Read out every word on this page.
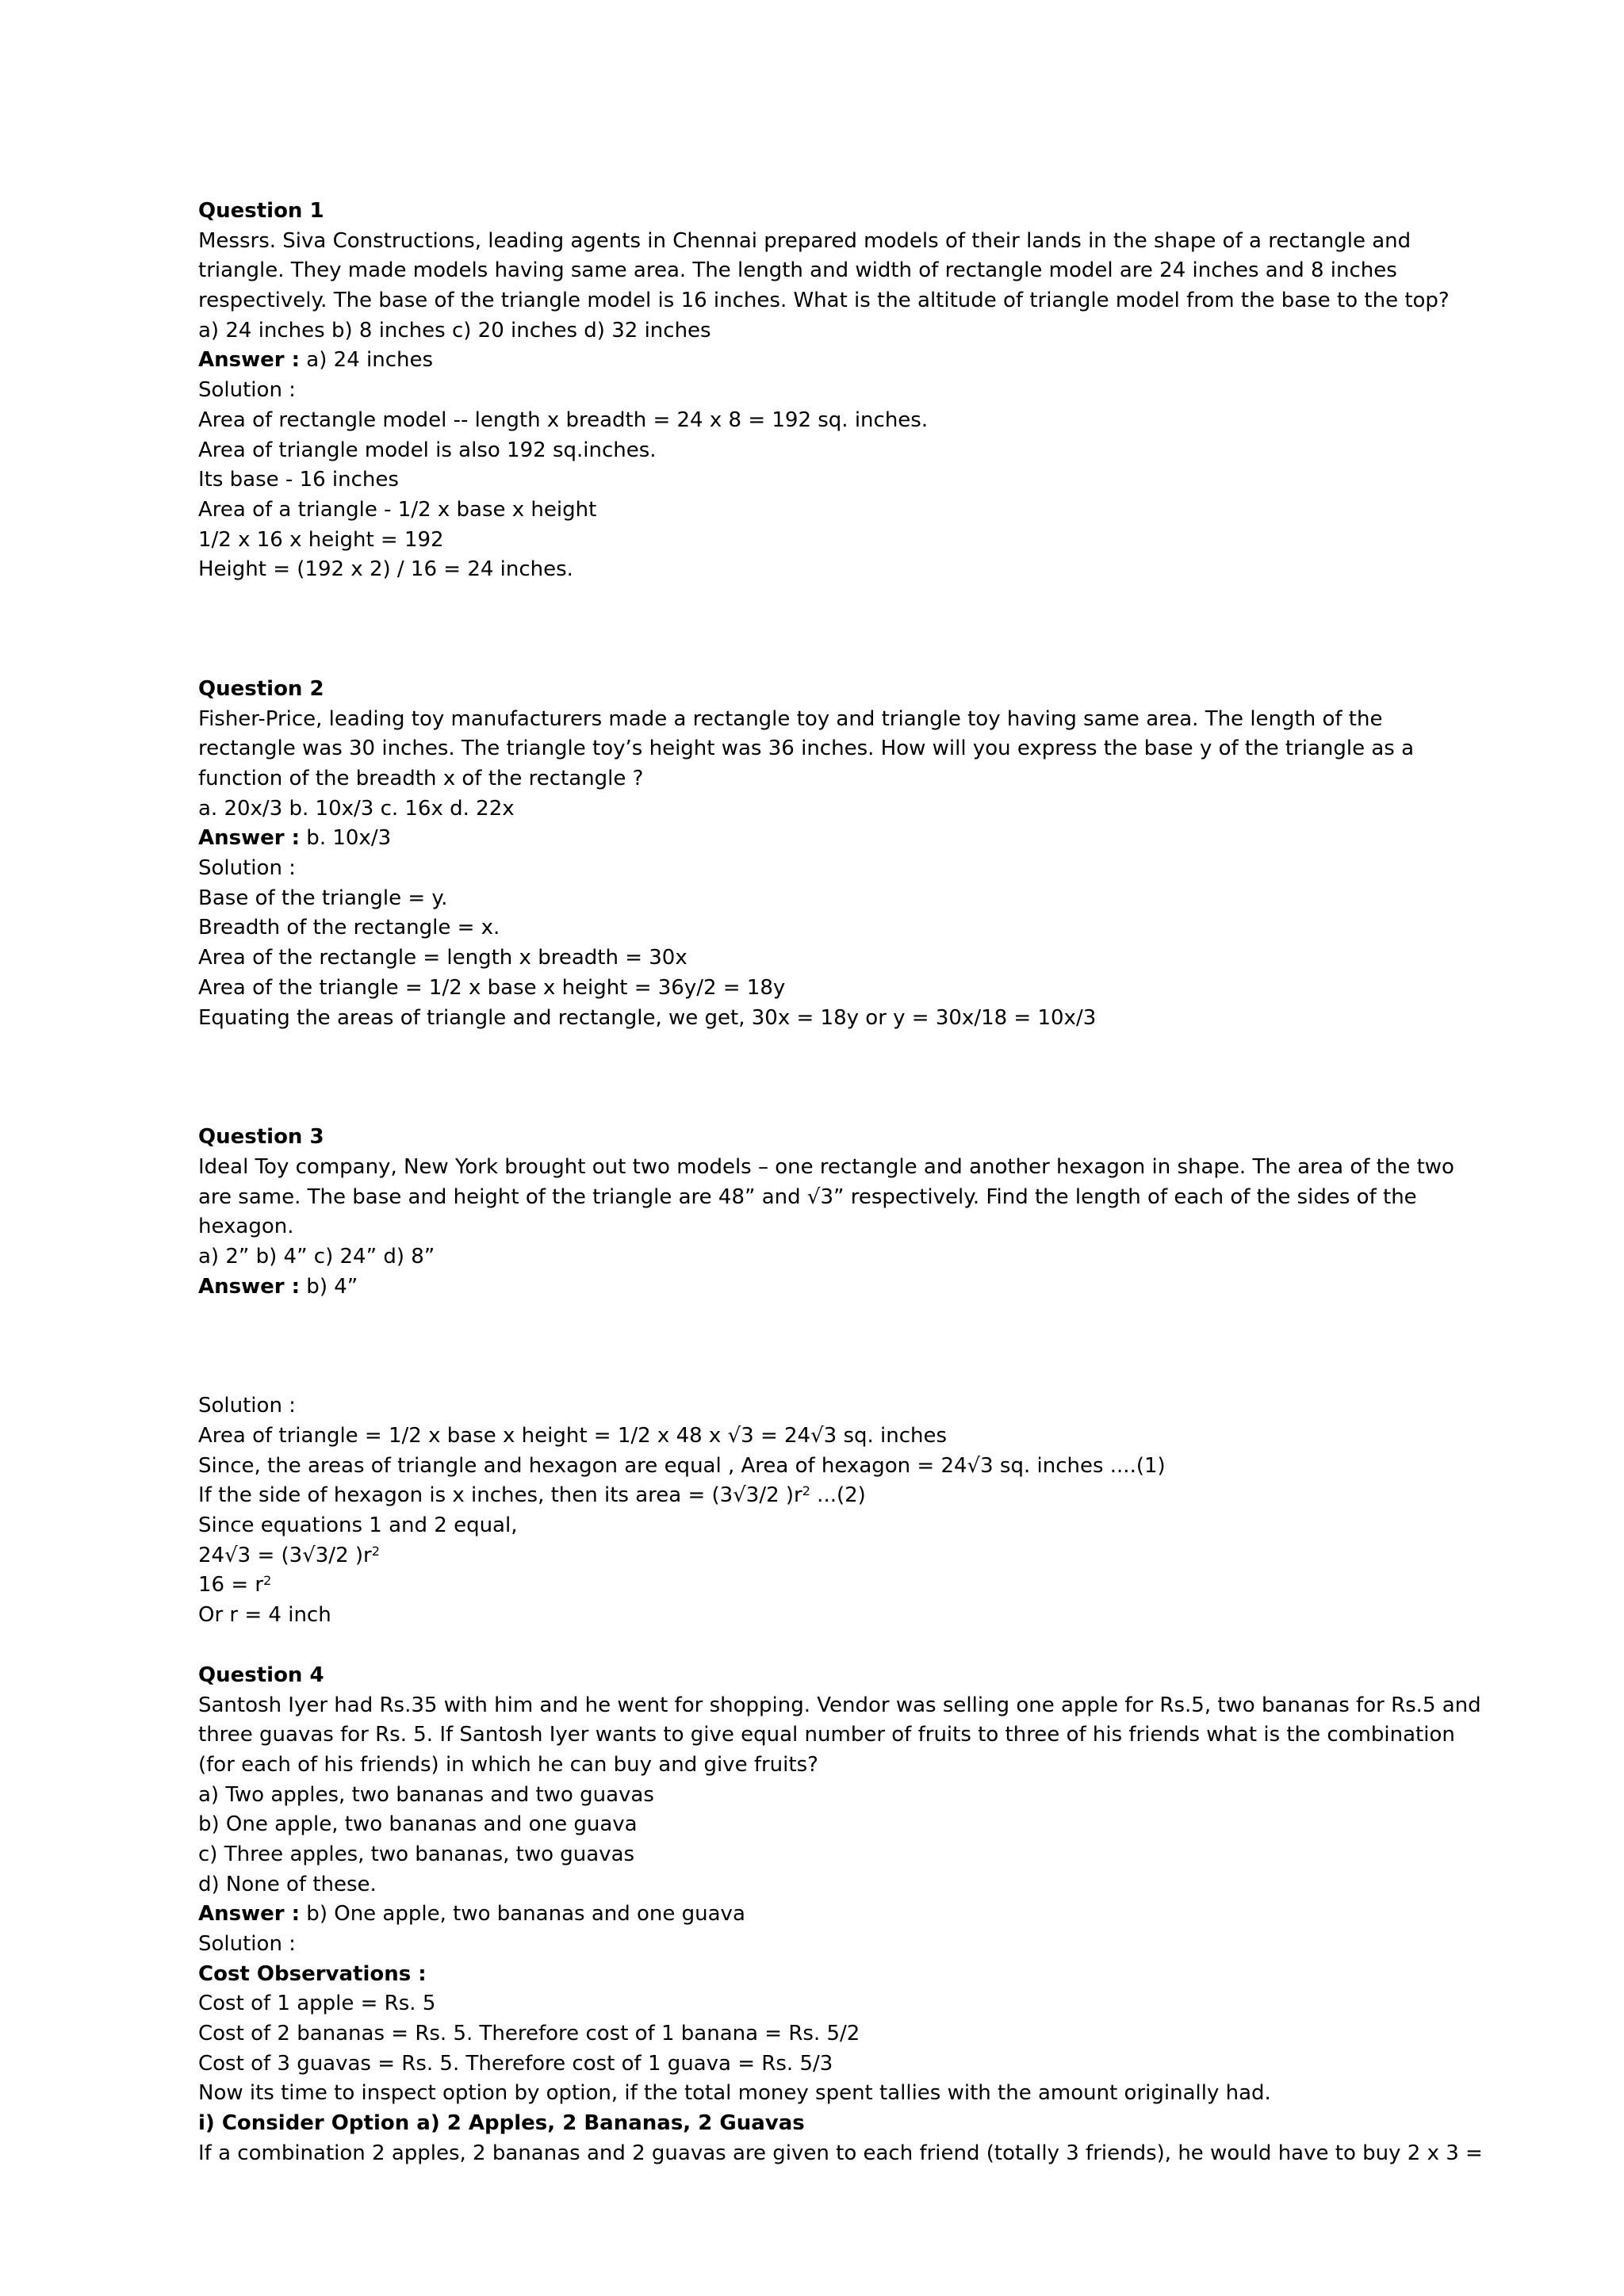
Question 1
Messrs. Siva Constructions, leading agents in Chennai prepared models of their lands in the shape of a rectangle and
triangle. They made models having same area. The length and width of rectangle model are 24 inches and 8 inches
respectively. The base of the triangle model is 16 inches. What is the altitude of triangle model from the base to the top?
a) 24 inches b) 8 inches c) 20 inches d) 32 inches
Answer : a) 24 inches
Solution :
Area of rectangle model -- length x breadth = 24 x 8 = 192 sq. inches.
Area of triangle model is also 192 sq.inches.
Its base - 16 inches
Area of a triangle - 1/2 x base x height
1/2 x 16 x height = 192
Height = (192 x 2) / 16 = 24 inches.
Question 2
Fisher-Price, leading toy manufacturers made a rectangle toy and triangle toy having same area. The length of the
rectangle was 30 inches. The triangle toy’s height was 36 inches. How will you express the base y of the triangle as a
function of the breadth x of the rectangle ?
a. 20x/3 b. 10x/3 c. 16x d. 22x
Answer : b. 10x/3
Solution :
Base of the triangle = y.
Breadth of the rectangle = x.
Area of the rectangle = length x breadth = 30x
Area of the triangle = 1/2 x base x height = 36y/2 = 18y
Equating the areas of triangle and rectangle, we get, 30x = 18y or y = 30x/18 = 10x/3
Question 3
Ideal Toy company, New York brought out two models – one rectangle and another hexagon in shape. The area of the two
are same. The base and height of the triangle are 48” and √3” respectively. Find the length of each of the sides of the
hexagon.
a) 2” b) 4” c) 24” d) 8”
Answer : b) 4”
Solution :
Area of triangle = 1/2 x base x height = 1/2 x 48 x √3 = 24√3 sq. inches
Since, the areas of triangle and hexagon are equal , Area of hexagon = 24√3 sq. inches ....(1)
If the side of hexagon is x inches, then its area = (3√3/2 )$r^2$ ...(2)
Since equations 1 and 2 equal,
24√3 = (3√3/2 )$r^2$
$16 = r^2$
Or r = 4 inch
Question 4
Santosh Iyer had Rs.35 with him and he went for shopping. Vendor was selling one apple for Rs.5, two bananas for Rs.5 and
three guavas for Rs. 5. If Santosh Iyer wants to give equal number of fruits to three of his friends what is the combination
(for each of his friends) in which he can buy and give fruits?
a) Two apples, two bananas and two guavas
b) One apple, two bananas and one guava
c) Three apples, two bananas, two guavas
d) None of these.
Answer : b) One apple, two bananas and one guava
Solution :
Cost Observations :
Cost of 1 apple = Rs. 5
Cost of 2 bananas = Rs. 5. Therefore cost of 1 banana = Rs. 5/2
Cost of 3 guavas = Rs. 5. Therefore cost of 1 guava = Rs. 5/3
Now its time to inspect option by option, if the total money spent tallies with the amount originally had.
i) Consider Option a) 2 Apples, 2 Bananas, 2 Guavas
If a combination 2 apples, 2 bananas and 2 guavas are given to each friend (totally 3 friends), he would have to buy 2 x 3 =
